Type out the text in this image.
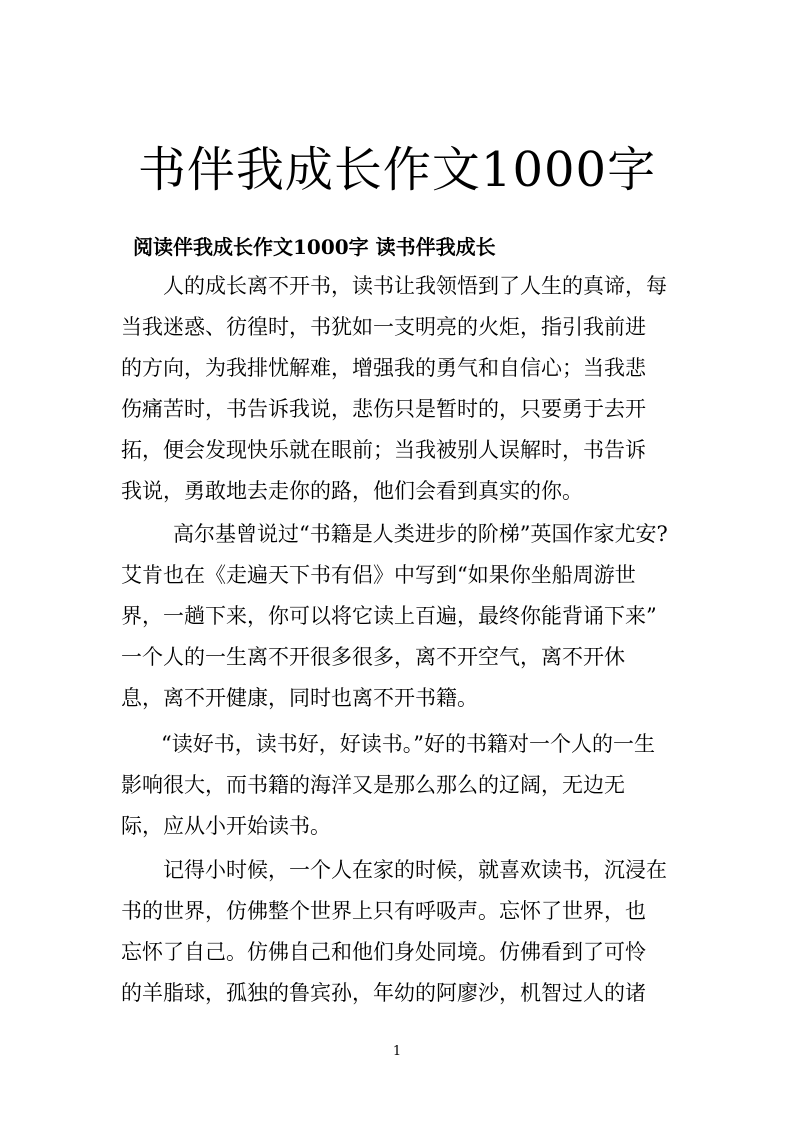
书伴我成长作文1000字
阅读伴我成长作文1000字 读书伴我成长
人的成长离不开书，读书让我领悟到了人生的真谛，每
当我迷惑、彷徨时，书犹如一支明亮的火炬，指引我前进
的方向，为我排忧解难，增强我的勇气和自信心；当我悲
伤痛苦时，书告诉我说，悲伤只是暂时的，只要勇于去开
拓，便会发现快乐就在眼前；当我被别人误解时，书告诉
我说，勇敢地去走你的路，他们会看到真实的你。
高尔基曾说过“书籍是人类进步的阶梯”英国作家尤安?
艾肯也在《走遍天下书有侣》中写到“如果你坐船周游世
界，一趟下来，你可以将它读上百遍，最终你能背诵下来”
一个人的一生离不开很多很多，离不开空气，离不开休
息，离不开健康，同时也离不开书籍。
“读好书，读书好，好读书。”好的书籍对一个人的一生
影响很大，而书籍的海洋又是那么那么的辽阔，无边无
际，应从小开始读书。
记得小时候，一个人在家的时候，就喜欢读书，沉浸在
书的世界，仿佛整个世界上只有呼吸声。忘怀了世界，也
忘怀了自己。仿佛自己和他们身处同境。仿佛看到了可怜
的羊脂球，孤独的鲁宾孙，年幼的阿廖沙，机智过人的诸
1
